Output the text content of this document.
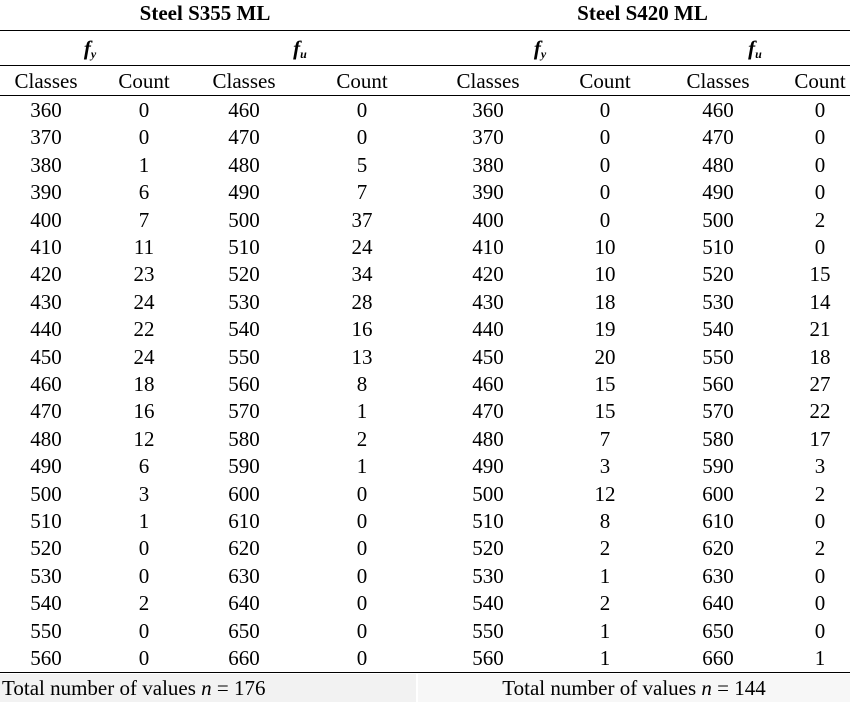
Steel S355 ML	Steel S420 ML
$f_y$	$f_u$	$f_y$	$f_u$
Classes	Count	Classes	Count	Classes	Count	Classes	Count
360	0	460	0	360	0	460	0
370	0	470	0	370	0	470	0
380	1	480	5	380	0	480	0
390	6	490	7	390	0	490	0
400	7	500	37	400	0	500	2
410	11	510	24	410	10	510	0
420	23	520	34	420	10	520	15
430	24	530	28	430	18	530	14
440	22	540	16	440	19	540	21
450	24	550	13	450	20	550	18
460	18	560	8	460	15	560	27
470	16	570	1	470	15	570	22
480	12	580	2	480	7	580	17
490	6	590	1	490	3	590	3
500	3	600	0	500	12	600	2
510	1	610	0	510	8	610	0
520	0	620	0	520	2	620	2
530	0	630	0	530	1	630	0
540	2	640	0	540	2	640	0
550	0	650	0	550	1	650	0
560	0	660	0	560	1	660	1
Total number of values n = 176	Total number of values n = 144
